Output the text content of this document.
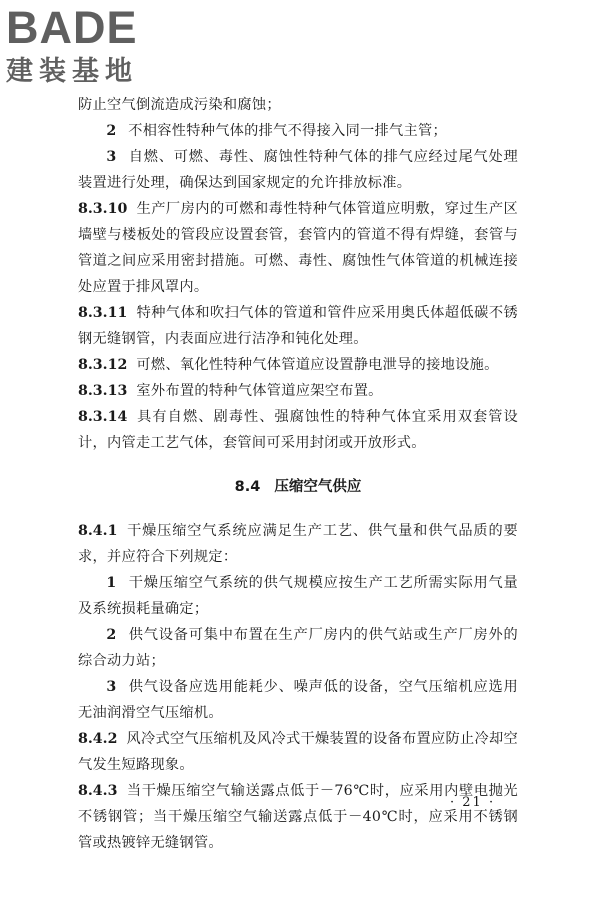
BADE
建装基地

防止空气倒流造成污染和腐蚀；

2 不相容性特种气体的排气不得接入同一排气主管；

3 自燃、可燃、毒性、腐蚀性特种气体的排气应经过尾气处理装置进行处理，确保达到国家规定的允许排放标准。

8.3.10 生产厂房内的可燃和毒性特种气体管道应明敷，穿过生产区墙壁与楼板处的管段应设置套管，套管内的管道不得有焊缝，套管与管道之间应采用密封措施。可燃、毒性、腐蚀性气体管道的机械连接处应置于排风罩内。

8.3.11 特种气体和吹扫气体的管道和管件应采用奥氏体超低碳不锈钢无缝钢管，内表面应进行洁净和钝化处理。

8.3.12 可燃、氧化性特种气体管道应设置静电泄导的接地设施。

8.3.13 室外布置的特种气体管道应架空布置。

8.3.14 具有自燃、剧毒性、强腐蚀性的特种气体宜采用双套管设计，内管走工艺气体，套管间可采用封闭或开放形式。

8.4 压缩空气供应

8.4.1 干燥压缩空气系统应满足生产工艺、供气量和供气品质的要求，并应符合下列规定：

1 干燥压缩空气系统的供气规模应按生产工艺所需实际用气量及系统损耗量确定；

2 供气设备可集中布置在生产厂房内的供气站或生产厂房外的综合动力站；

3 供气设备应选用能耗少、噪声低的设备，空气压缩机应选用无油润滑空气压缩机。

8.4.2 风冷式空气压缩机及风冷式干燥装置的设备布置应防止冷却空气发生短路现象。

8.4.3 当干燥压缩空气输送露点低于－76℃时，应采用内壁电抛光不锈钢管；当干燥压缩空气输送露点低于－40℃时，应采用不锈钢管或热镀锌无缝钢管。

· 21 ·
